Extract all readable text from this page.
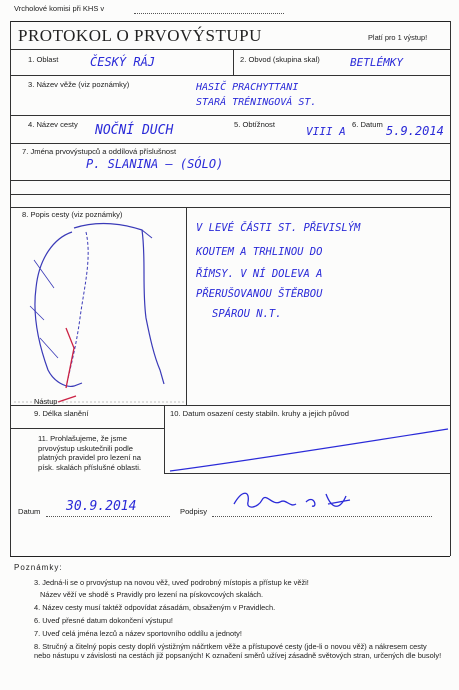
Vrcholové komisi při KHS v
PROTOKOL O PRVOVÝSTUPU	Platí pro 1 výstup!
1. Oblast	ČESKÝ RÁJ	2. Obvod (skupina skal)	BETLÉMKY
3. Název věže (viz poznámky)	HASIČ PRACHYTTANI
STARÁ TRÉNINGOVÁ ST.
4. Název cesty NOČNÍ DUCH	5. Obtížnost
VIII A
6. Datum 5.9.2014
7. Jména prvovýstupců a oddílová příslušnost
P. SLANINA — (SÓLO)
8. Popis cesty (viz poznámky)
Nástup
V LEVÉ ČÁSTI ST. PŘEVISLÝM
KOUTEM A TRHLINOU DO
ŘÍMSY. V NÍ DOLEVA A
PŘERUŠOVANOU ŠTĚRBOU
SPÁROU N.T.
9. Délka slanění	10. Datum osazení cesty stabiln. kruhy a jejich původ
11. Prohlašujeme, že jsme prvovýstup uskutečnili podle platných pravidel pro lezení na písk. skalách příslušné oblasti.
Datum 30.9.2014	Podpisy
Poznámky:
3. Jedná-li se o prvovýstup na novou věž, uveď podrobný místopis a přístup ke věži!
Název věží ve shodě s Pravidly pro lezení na pískovcových skalách.
4. Název cesty musí taktéž odpovídat zásadám, obsaženým v Pravidlech.
6. Uveď přesné datum dokončení výstupu!
7. Uveď celá jména lezců a název sportovního oddílu a jednoty!
8. Stručný a čitelný popis cesty doplň výstižným náčrtkem věže a přístupové cesty (jde-li o novou věž) a nákresem cesty nebo nástupu v závislosti na cestách již popsaných! K označení směrů užívej zásadně světových stran, určených dle busoly!
